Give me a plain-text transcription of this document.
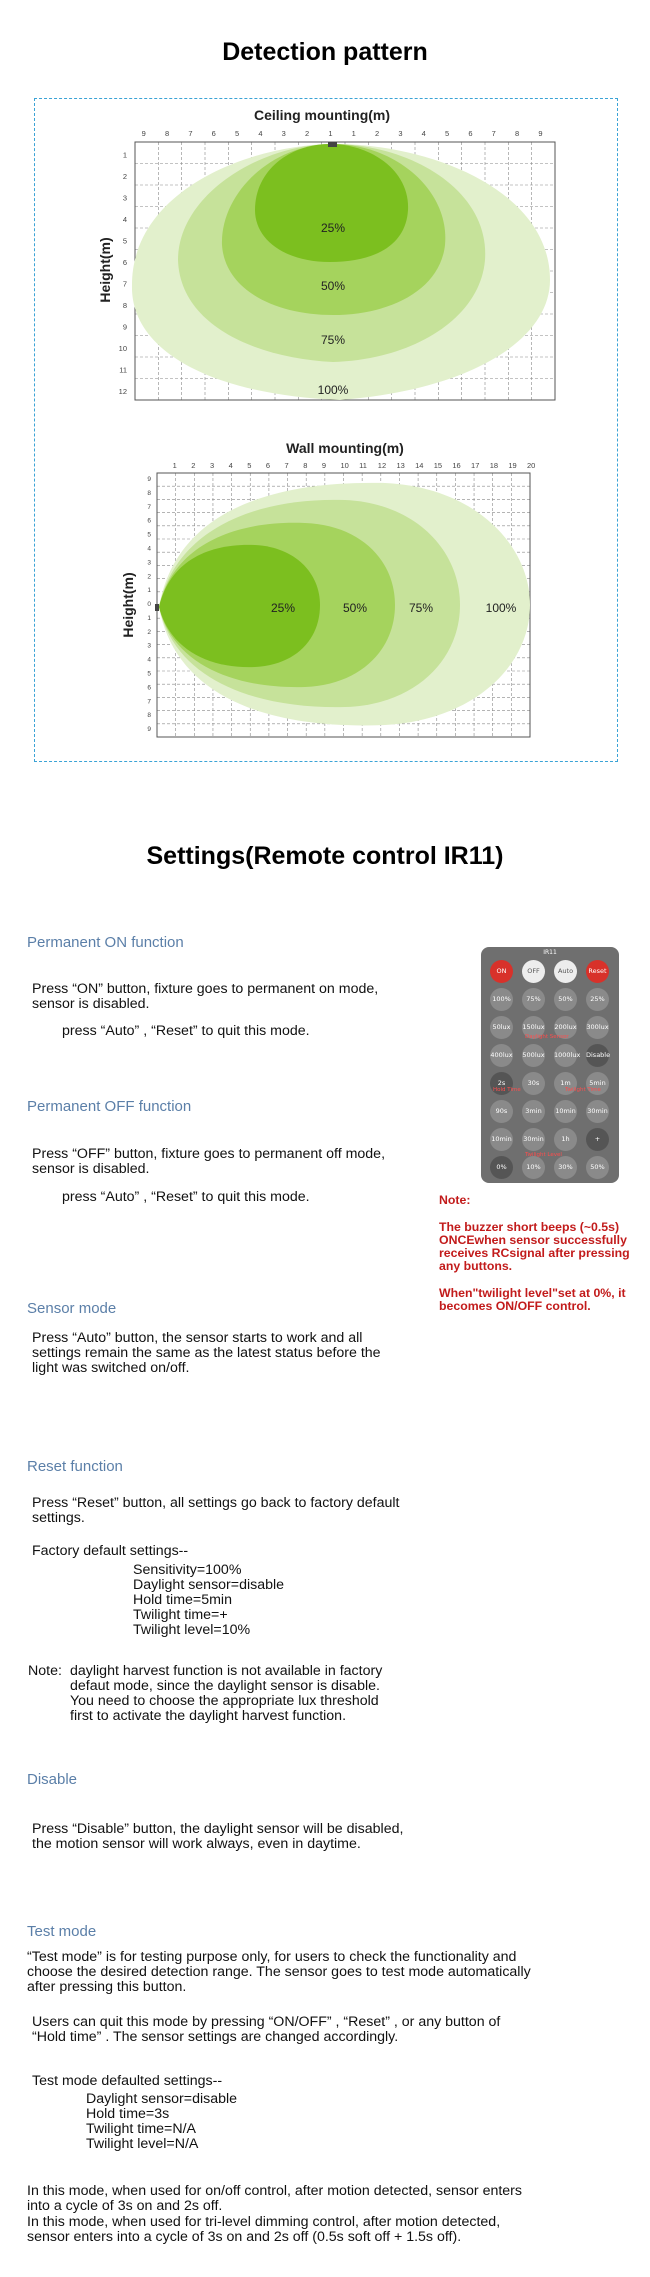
Detection pattern
Ceiling mounting(m)
9	8	7	6	5	4	3	2	1	1	2	3	4	5	6	7	8	9
1
2
3
4
5
6
7
8
9
10
11
12
Height(m)
25%
50%
75%
100%
Wall mounting(m)
1 2 3 4 5 6 7 8 9 10 11 12 13 14 15 16 17 18 19 20
9
8
7
6
5
4
3
2
1
0
1
2
3
4
5
6
7
8
9
Height(m)	25%	50%	75%	100%
Settings(Remote control IR11)
Permanent ON function
Press “ON” button, fixture goes to permanent on mode,
sensor is disabled.
press “Auto” , “Reset” to quit this mode.
Permanent OFF function
Press “OFF” button, fixture goes to permanent off mode,
sensor is disabled.
press “Auto” , “Reset” to quit this mode.
IR11
ON	OFF	Auto	Reset
100%	75%	50%	25%
50lux	150lux 200lux 300lux
400lux 500lux 1000lux Disable
2s	30s	1m	5min
90s	3min	10min 30min
10min 30min	1h	+
0%	10%	30%	50%
Daylight Sensor
Hold Time	Twilight Time
Twilight Level
Note:
The buzzer short beeps (~0.5s)
ONCEwhen sensor successfully
receives RCsignal after pressing
any buttons.
When"twilight level"set at 0%, it
becomes ON/OFF control.
Sensor mode
Press “Auto” button, the sensor starts to work and all
settings remain the same as the latest status before the
light was switched on/off.
Reset function
Press “Reset” button, all settings go back to factory default
settings.
Factory default settings--
Sensitivity=100%
Daylight sensor=disable
Hold time=5min
Twilight time=+
Twilight level=10%
Note: daylight harvest function is not available in factory
defaut mode, since the daylight sensor is disable.
You need to choose the appropriate lux threshold
first to activate the daylight harvest function.
Disable
Press “Disable” button, the daylight sensor will be disabled,
the motion sensor will work always, even in daytime.
Test mode
“Test mode” is for testing purpose only, for users to check the functionality and
choose the desired detection range. The sensor goes to test mode automatically
after pressing this button.
Users can quit this mode by pressing “ON/OFF” , “Reset” , or any button of
“Hold time” . The sensor settings are changed accordingly.
Test mode defaulted settings--
Daylight sensor=disable
Hold time=3s
Twilight time=N/A
Twilight level=N/A
In this mode, when used for on/off control, after motion detected, sensor enters
into a cycle of 3s on and 2s off.
In this mode, when used for tri-level dimming control, after motion detected,
sensor enters into a cycle of 3s on and 2s off (0.5s soft off + 1.5s off).
